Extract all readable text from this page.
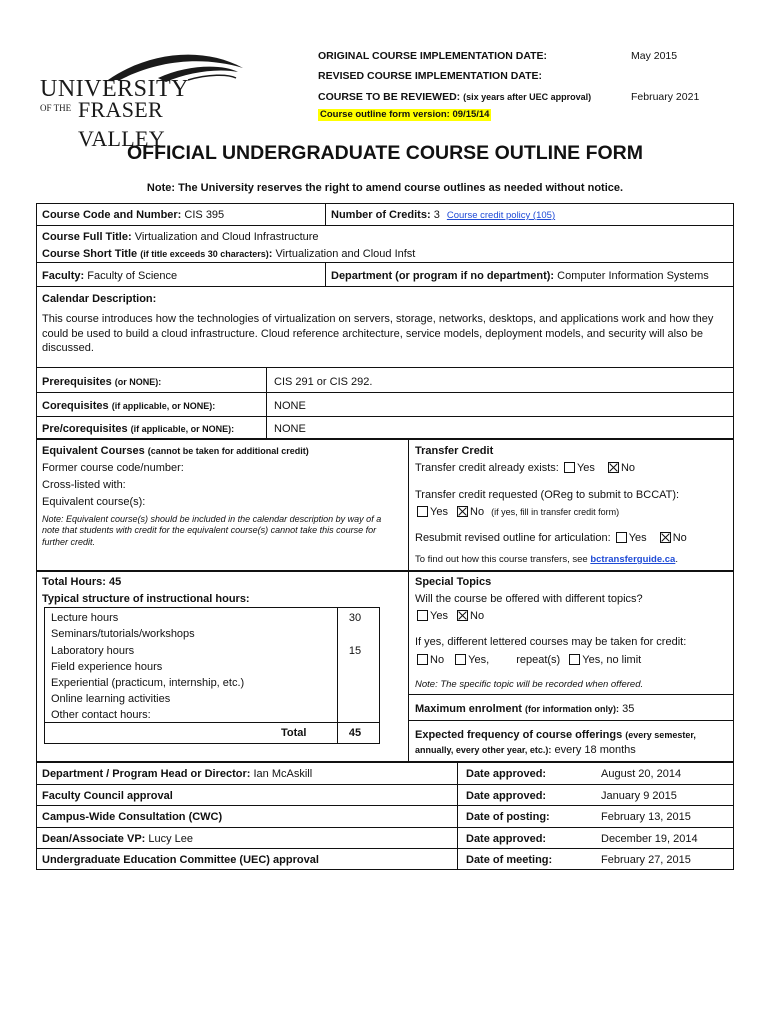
UNIVERSITY
OF THE FRASER VALLEY
ORIGINAL COURSE IMPLEMENTATION DATE:	May 2015
REVISED COURSE IMPLEMENTATION DATE:
COURSE TO BE REVIEWED: (six years after UEC approval)	February 2021
Course outline form version: 09/15/14
OFFICIAL UNDERGRADUATE COURSE OUTLINE FORM
Note: The University reserves the right to amend course outlines as needed without notice.
Course Code and Number: CIS 395	Number of Credits: 3 Course credit policy (105)
Course Full Title: Virtualization and Cloud Infrastructure
Course Short Title (if title exceeds 30 characters): Virtualization and Cloud Infst
Faculty: Faculty of Science	Department (or program if no department): Computer Information Systems
Calendar Description:
This course introduces how the technologies of virtualization on servers, storage, networks, desktops, and applications work and how they could be used to build a cloud infrastructure. Cloud reference architecture, service models, deployment models, and security will also be discussed.
Prerequisites (or NONE):	CIS 291 or CIS 292.
Corequisites (if applicable, or NONE):	NONE
Pre/corequisites (if applicable, or NONE):	NONE
Equivalent Courses (cannot be taken for additional credit)
Former course code/number:
Cross-listed with:
Equivalent course(s):
Note: Equivalent course(s) should be included in the calendar description by way of a note that students with credit for the equivalent course(s) cannot take this course for further credit.
Transfer Credit
Transfer credit already exists: Yes No
Transfer credit requested (OReg to submit to BCCAT):
Yes No (if yes, fill in transfer credit form)
Resubmit revised outline for articulation: Yes No
To find out how this course transfers, see bctransferguide.ca.
Total Hours: 45
Typical structure of instructional hours:
Lecture hours	30
Seminars/tutorials/workshops
Laboratory hours	15
Field experience hours
Experiential (practicum, internship, etc.)
Online learning activities
Other contact hours:
Total	45
Special Topics
Will the course be offered with different topics?
Yes No
If yes, different lettered courses may be taken for credit:
No Yes, repeat(s) Yes, no limit
Note: The specific topic will be recorded when offered.
Maximum enrolment (for information only): 35
Expected frequency of course offerings (every semester, annually, every other year, etc.): every 18 months
Department / Program Head or Director: Ian McAskill	Date approved:	August 20, 2014
Faculty Council approval	Date approved:	January 9 2015
Campus-Wide Consultation (CWC)	Date of posting:	February 13, 2015
Dean/Associate VP: Lucy Lee	Date approved:	December 19, 2014
Undergraduate Education Committee (UEC) approval	Date of meeting:	February 27, 2015
